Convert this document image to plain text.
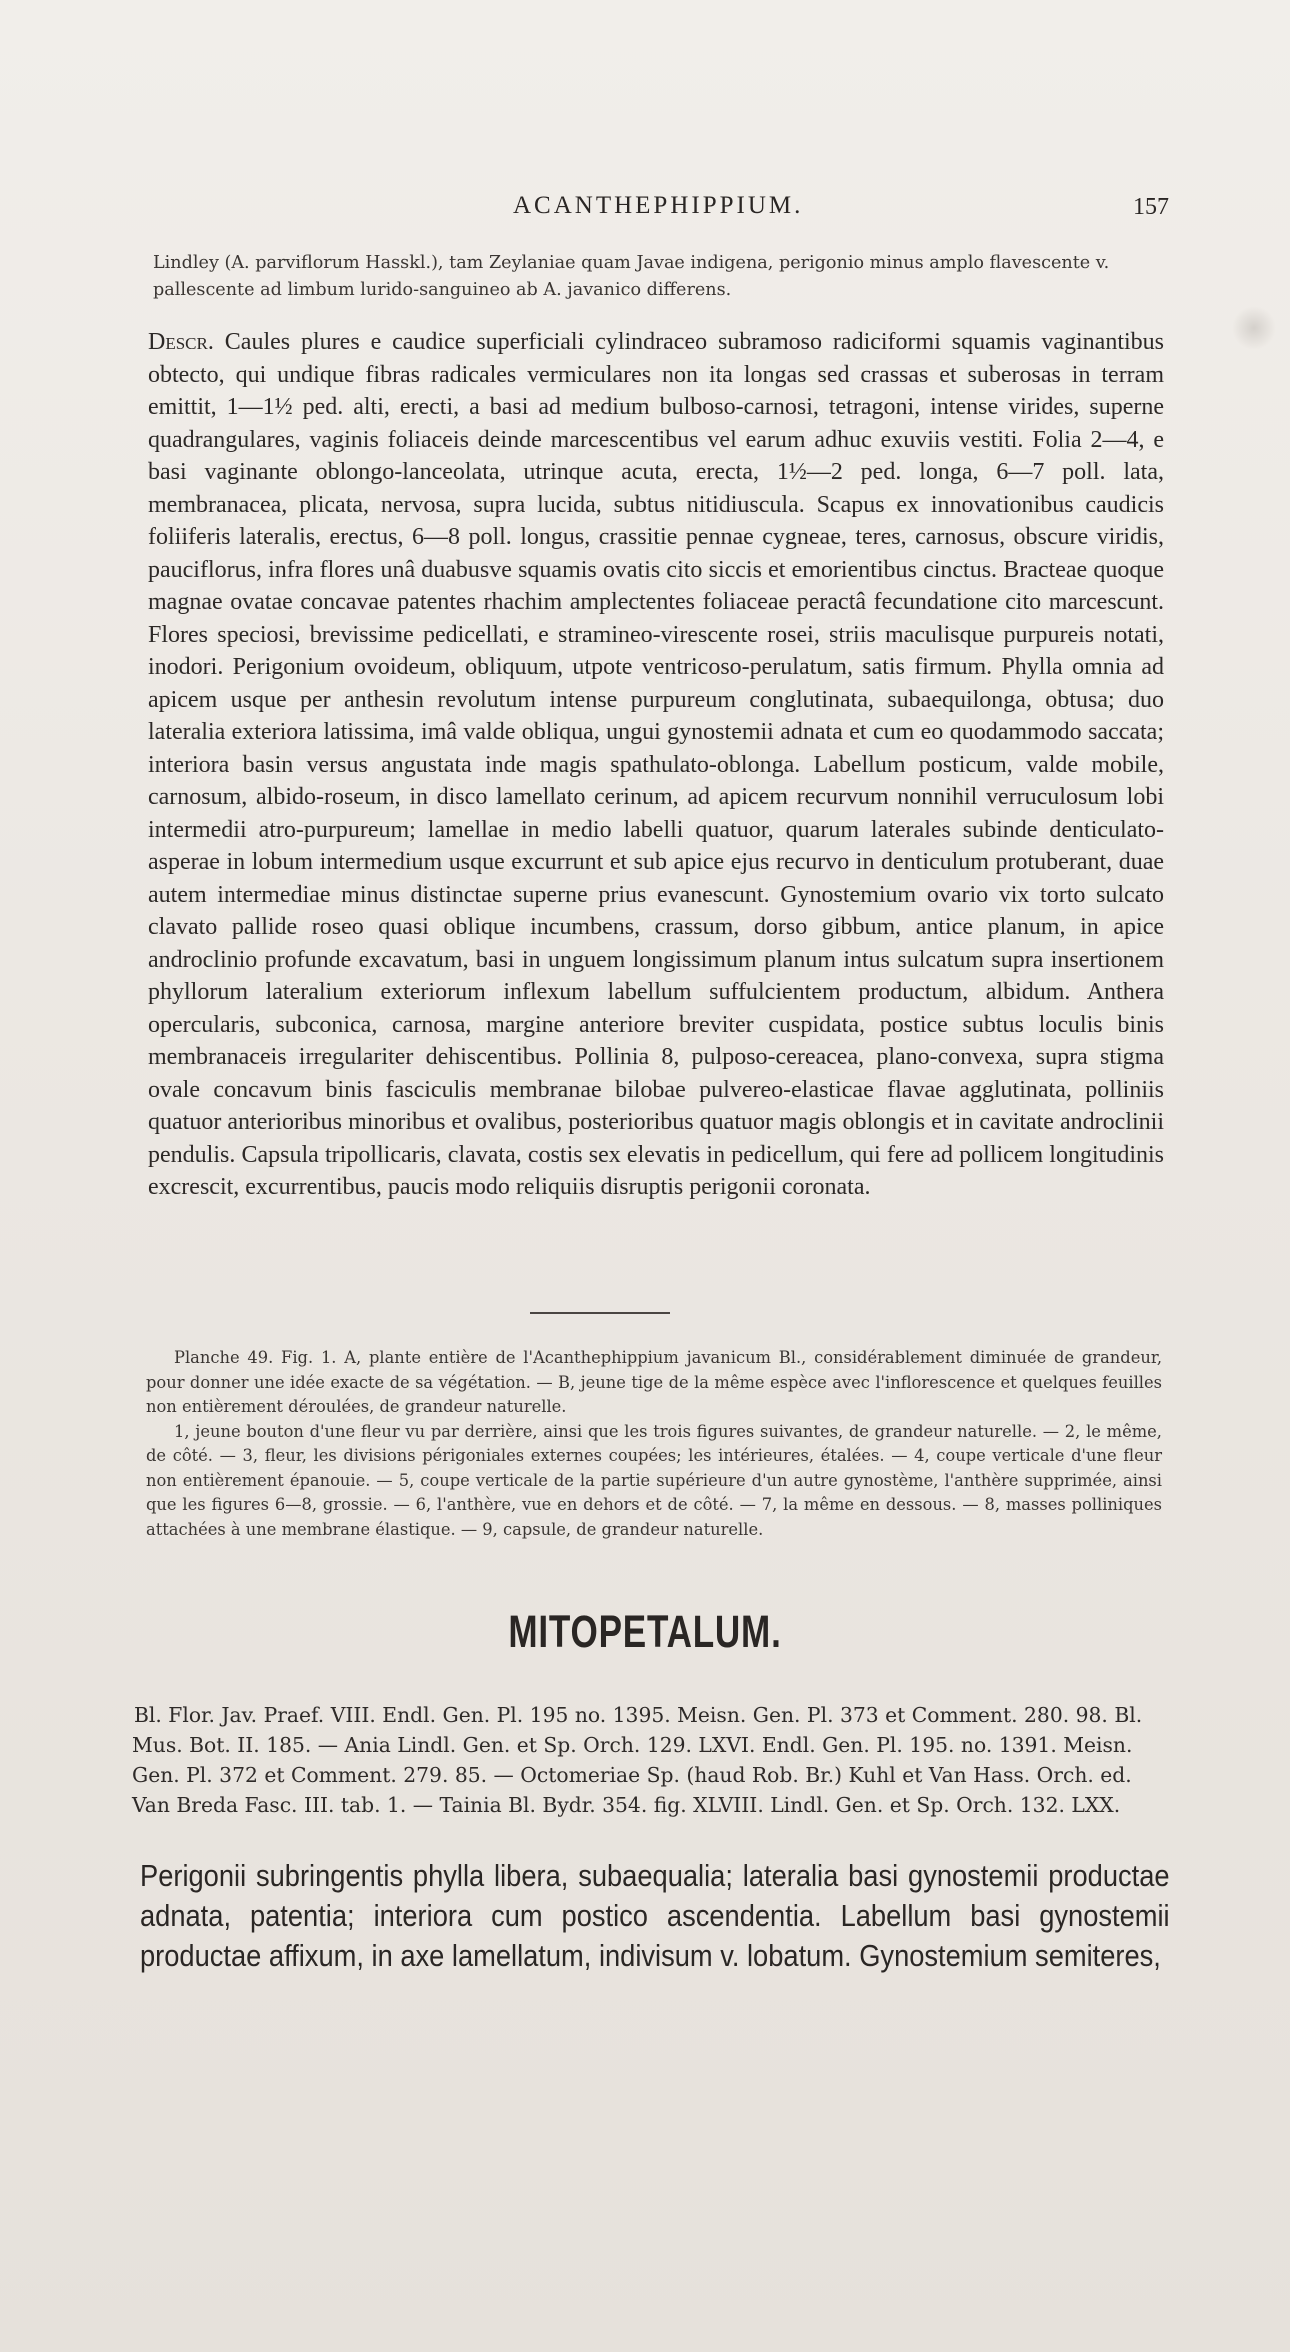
ACANTHEPHIPPIUM.	157
Lindley (A. parviflorum Hasskl.), tam Zeylaniae quam Javae indigena, perigonio minus amplo flavescente v. pallescente ad limbum lurido-sanguineo ab A. javanico differens.
Descr. Caules plures e caudice superficiali cylindraceo subramoso radiciformi squamis vaginantibus obtecto, qui undique fibras radicales vermiculares non ita longas sed crassas et suberosas in terram emittit, 1—1½ ped. alti, erecti, a basi ad medium bulboso-carnosi, tetragoni, intense virides, superne quadrangulares, vaginis foliaceis deinde marcescentibus vel earum adhuc exuviis vestiti. Folia 2—4, e basi vaginante oblongo-lanceolata, utrinque acuta, erecta, 1½—2 ped. longa, 6—7 poll. lata, membranacea, plicata, nervosa, supra lucida, subtus nitidiuscula. Scapus ex innovationibus caudicis foliiferis lateralis, erectus, 6—8 poll. longus, crassitie pennae cygneae, teres, carnosus, obscure viridis, pauciflorus, infra flores unâ duabusve squamis ovatis cito siccis et emorientibus cinctus. Bracteae quoque magnae ovatae concavae patentes rhachim amplectentes foliaceae peractâ fecundatione cito marcescunt. Flores speciosi, brevissime pedicellati, e stramineo-virescente rosei, striis maculisque purpureis notati, inodori. Perigonium ovoideum, obliquum, utpote ventricoso-perulatum, satis firmum. Phylla omnia ad apicem usque per anthesin revolutum intense purpureum conglutinata, subaequilonga, obtusa; duo lateralia exteriora latissima, imâ valde obliqua, ungui gynostemii adnata et cum eo quodammodo saccata; interiora basin versus angustata inde magis spathulato-oblonga. Labellum posticum, valde mobile, carnosum, albido-roseum, in disco lamellato cerinum, ad apicem recurvum nonnihil verruculosum lobi intermedii atro-purpureum; lamellae in medio labelli quatuor, quarum laterales subinde denticulato-asperae in lobum intermedium usque excurrunt et sub apice ejus recurvo in denticulum protuberant, duae autem intermediae minus distinctae superne prius evanescunt. Gynostemium ovario vix torto sulcato clavato pallide roseo quasi oblique incumbens, crassum, dorso gibbum, antice planum, in apice androclinio profunde excavatum, basi in unguem longissimum planum intus sulcatum supra insertionem phyllorum lateralium exteriorum inflexum labellum suffulcientem productum, albidum. Anthera opercularis, subconica, carnosa, margine anteriore breviter cuspidata, postice subtus loculis binis membranaceis irregulariter dehiscentibus. Pollinia 8, pulposo-cereacea, plano-convexa, supra stigma ovale concavum binis fasciculis membranae bilobae pulvereo-elasticae flavae agglutinata, polliniis quatuor anterioribus minoribus et ovalibus, posterioribus quatuor magis oblongis et in cavitate androclinii pendulis. Capsula tripollicaris, clavata, costis sex elevatis in pedicellum, qui fere ad pollicem longitudinis excrescit, excurrentibus, paucis modo reliquiis disruptis perigonii coronata.

Planche 49. Fig. 1. A, plante entière de l'Acanthephippium javanicum Bl., considérablement diminuée de grandeur, pour donner une idée exacte de sa végétation. — B, jeune tige de la même espèce avec l'inflorescence et quelques feuilles non entièrement déroulées, de grandeur naturelle.

1, jeune bouton d'une fleur vu par derrière, ainsi que les trois figures suivantes, de grandeur naturelle. — 2, le même, de côté. — 3, fleur, les divisions périgoniales externes coupées; les intérieures, étalées. — 4, coupe verticale d'une fleur non entièrement épanouie. — 5, coupe verticale de la partie supérieure d'un autre gynostème, l'anthère supprimée, ainsi que les figures 6—8, grossie. — 6, l'anthère, vue en dehors et de côté. — 7, la même en dessous. — 8, masses polliniques attachées à une membrane élastique. — 9, capsule, de grandeur naturelle.

MITOPETALUM.
Bl. Flor. Jav. Praef. VIII. Endl. Gen. Pl. 195 no. 1395. Meisn. Gen. Pl. 373 et Comment. 280. 98. Bl. Mus. Bot. II. 185. — Ania Lindl. Gen. et Sp. Orch. 129. LXVI. Endl. Gen. Pl. 195. no. 1391. Meisn. Gen. Pl. 372 et Comment. 279. 85. — Octomeriae Sp. (haud Rob. Br.) Kuhl et Van Hass. Orch. ed. Van Breda Fasc. III. tab. 1. — Tainia Bl. Bydr. 354. fig. XLVIII. Lindl. Gen. et Sp. Orch. 132. LXX.
Perigonii subringentis phylla libera, subaequalia; lateralia basi gynostemii productae adnata, patentia; interiora cum postico ascendentia. Labellum basi gynostemii productae affixum, in axe lamellatum, indivisum v. lobatum. Gynostemium semiteres,
